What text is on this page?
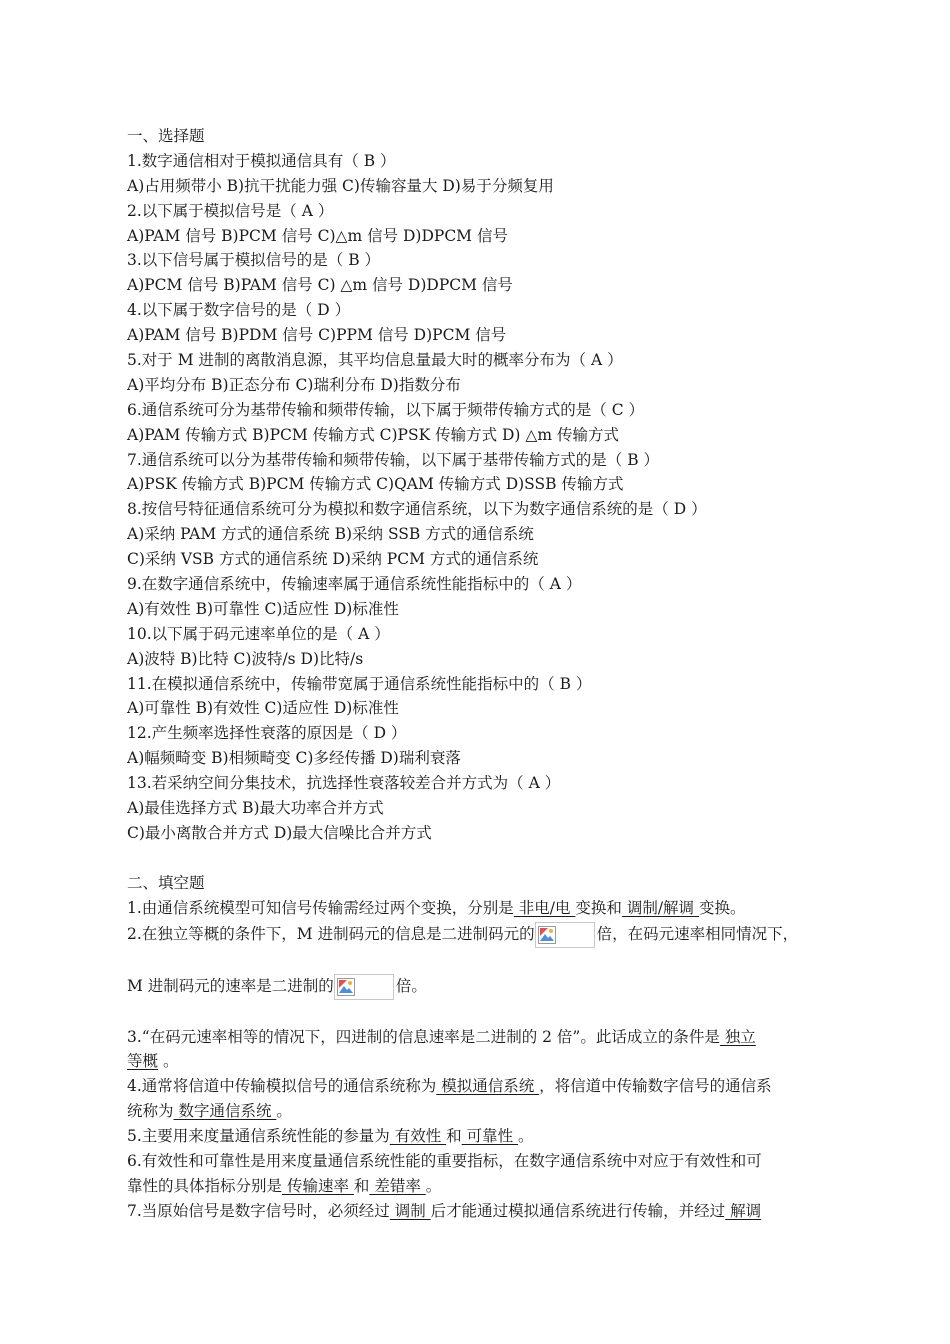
一、选择题
1.数字通信相对于模拟通信具有（ B ）
A)占用频带小 B)抗干扰能力强 C)传输容量大 D)易于分频复用
2.以下属于模拟信号是（ A ）
A)PAM 信号 B)PCM 信号 C)△m 信号 D)DPCM 信号
3.以下信号属于模拟信号的是（ B ）
A)PCM 信号 B)PAM 信号 C) △m 信号 D)DPCM 信号
4.以下属于数字信号的是（ D ）
A)PAM 信号 B)PDM 信号 C)PPM 信号 D)PCM 信号
5.对于 M 进制的离散消息源，其平均信息量最大时的概率分布为（ A ）
A)平均分布 B)正态分布 C)瑞利分布 D)指数分布
6.通信系统可分为基带传输和频带传输，以下属于频带传输方式的是（ C ）
A)PAM 传输方式 B)PCM 传输方式 C)PSK 传输方式 D) △m 传输方式
7.通信系统可以分为基带传输和频带传输，以下属于基带传输方式的是（ B ）
A)PSK 传输方式 B)PCM 传输方式 C)QAM 传输方式 D)SSB 传输方式
8.按信号特征通信系统可分为模拟和数字通信系统，以下为数字通信系统的是（ D ）
A)采纳 PAM 方式的通信系统 B)采纳 SSB 方式的通信系统
C)采纳 VSB 方式的通信系统 D)采纳 PCM 方式的通信系统
9.在数字通信系统中，传输速率属于通信系统性能指标中的（ A ）
A)有效性 B)可靠性 C)适应性 D)标准性
10.以下属于码元速率单位的是（ A ）
A)波特 B)比特 C)波特/s D)比特/s
11.在模拟通信系统中，传输带宽属于通信系统性能指标中的（ B ）
A)可靠性 B)有效性 C)适应性 D)标准性
12.产生频率选择性衰落的原因是（ D ）
A)幅频畸变 B)相频畸变 C)多经传播 D)瑞利衰落
13.若采纳空间分集技术，抗选择性衰落较差合并方式为（ A ）
A)最佳选择方式 B)最大功率合并方式
C)最小离散合并方式 D)最大信噪比合并方式
二、填空题
1.由通信系统模型可知信号传输需经过两个变换，分别是 非电/电 变换和 调制/解调 变换。
2.在独立等概的条件下，M 进制码元的信息是二进制码元的	倍，在码元速率相同情况下，
M 进制码元的速率是二进制的	倍。
3.“在码元速率相等的情况下，四进制的信息速率是二进制的 2 倍”。此话成立的条件是 独立
等概 。
4.通常将信道中传输模拟信号的通信系统称为 模拟通信系统 ，将信道中传输数字信号的通信系
统称为 数字通信系统 。
5.主要用来度量通信系统性能的参量为 有效性 和 可靠性 。
6.有效性和可靠性是用来度量通信系统性能的重要指标，在数字通信系统中对应于有效性和可
靠性的具体指标分别是 传输速率 和 差错率 。
7.当原始信号是数字信号时，必须经过 调制 后才能通过模拟通信系统进行传输，并经过 解调
